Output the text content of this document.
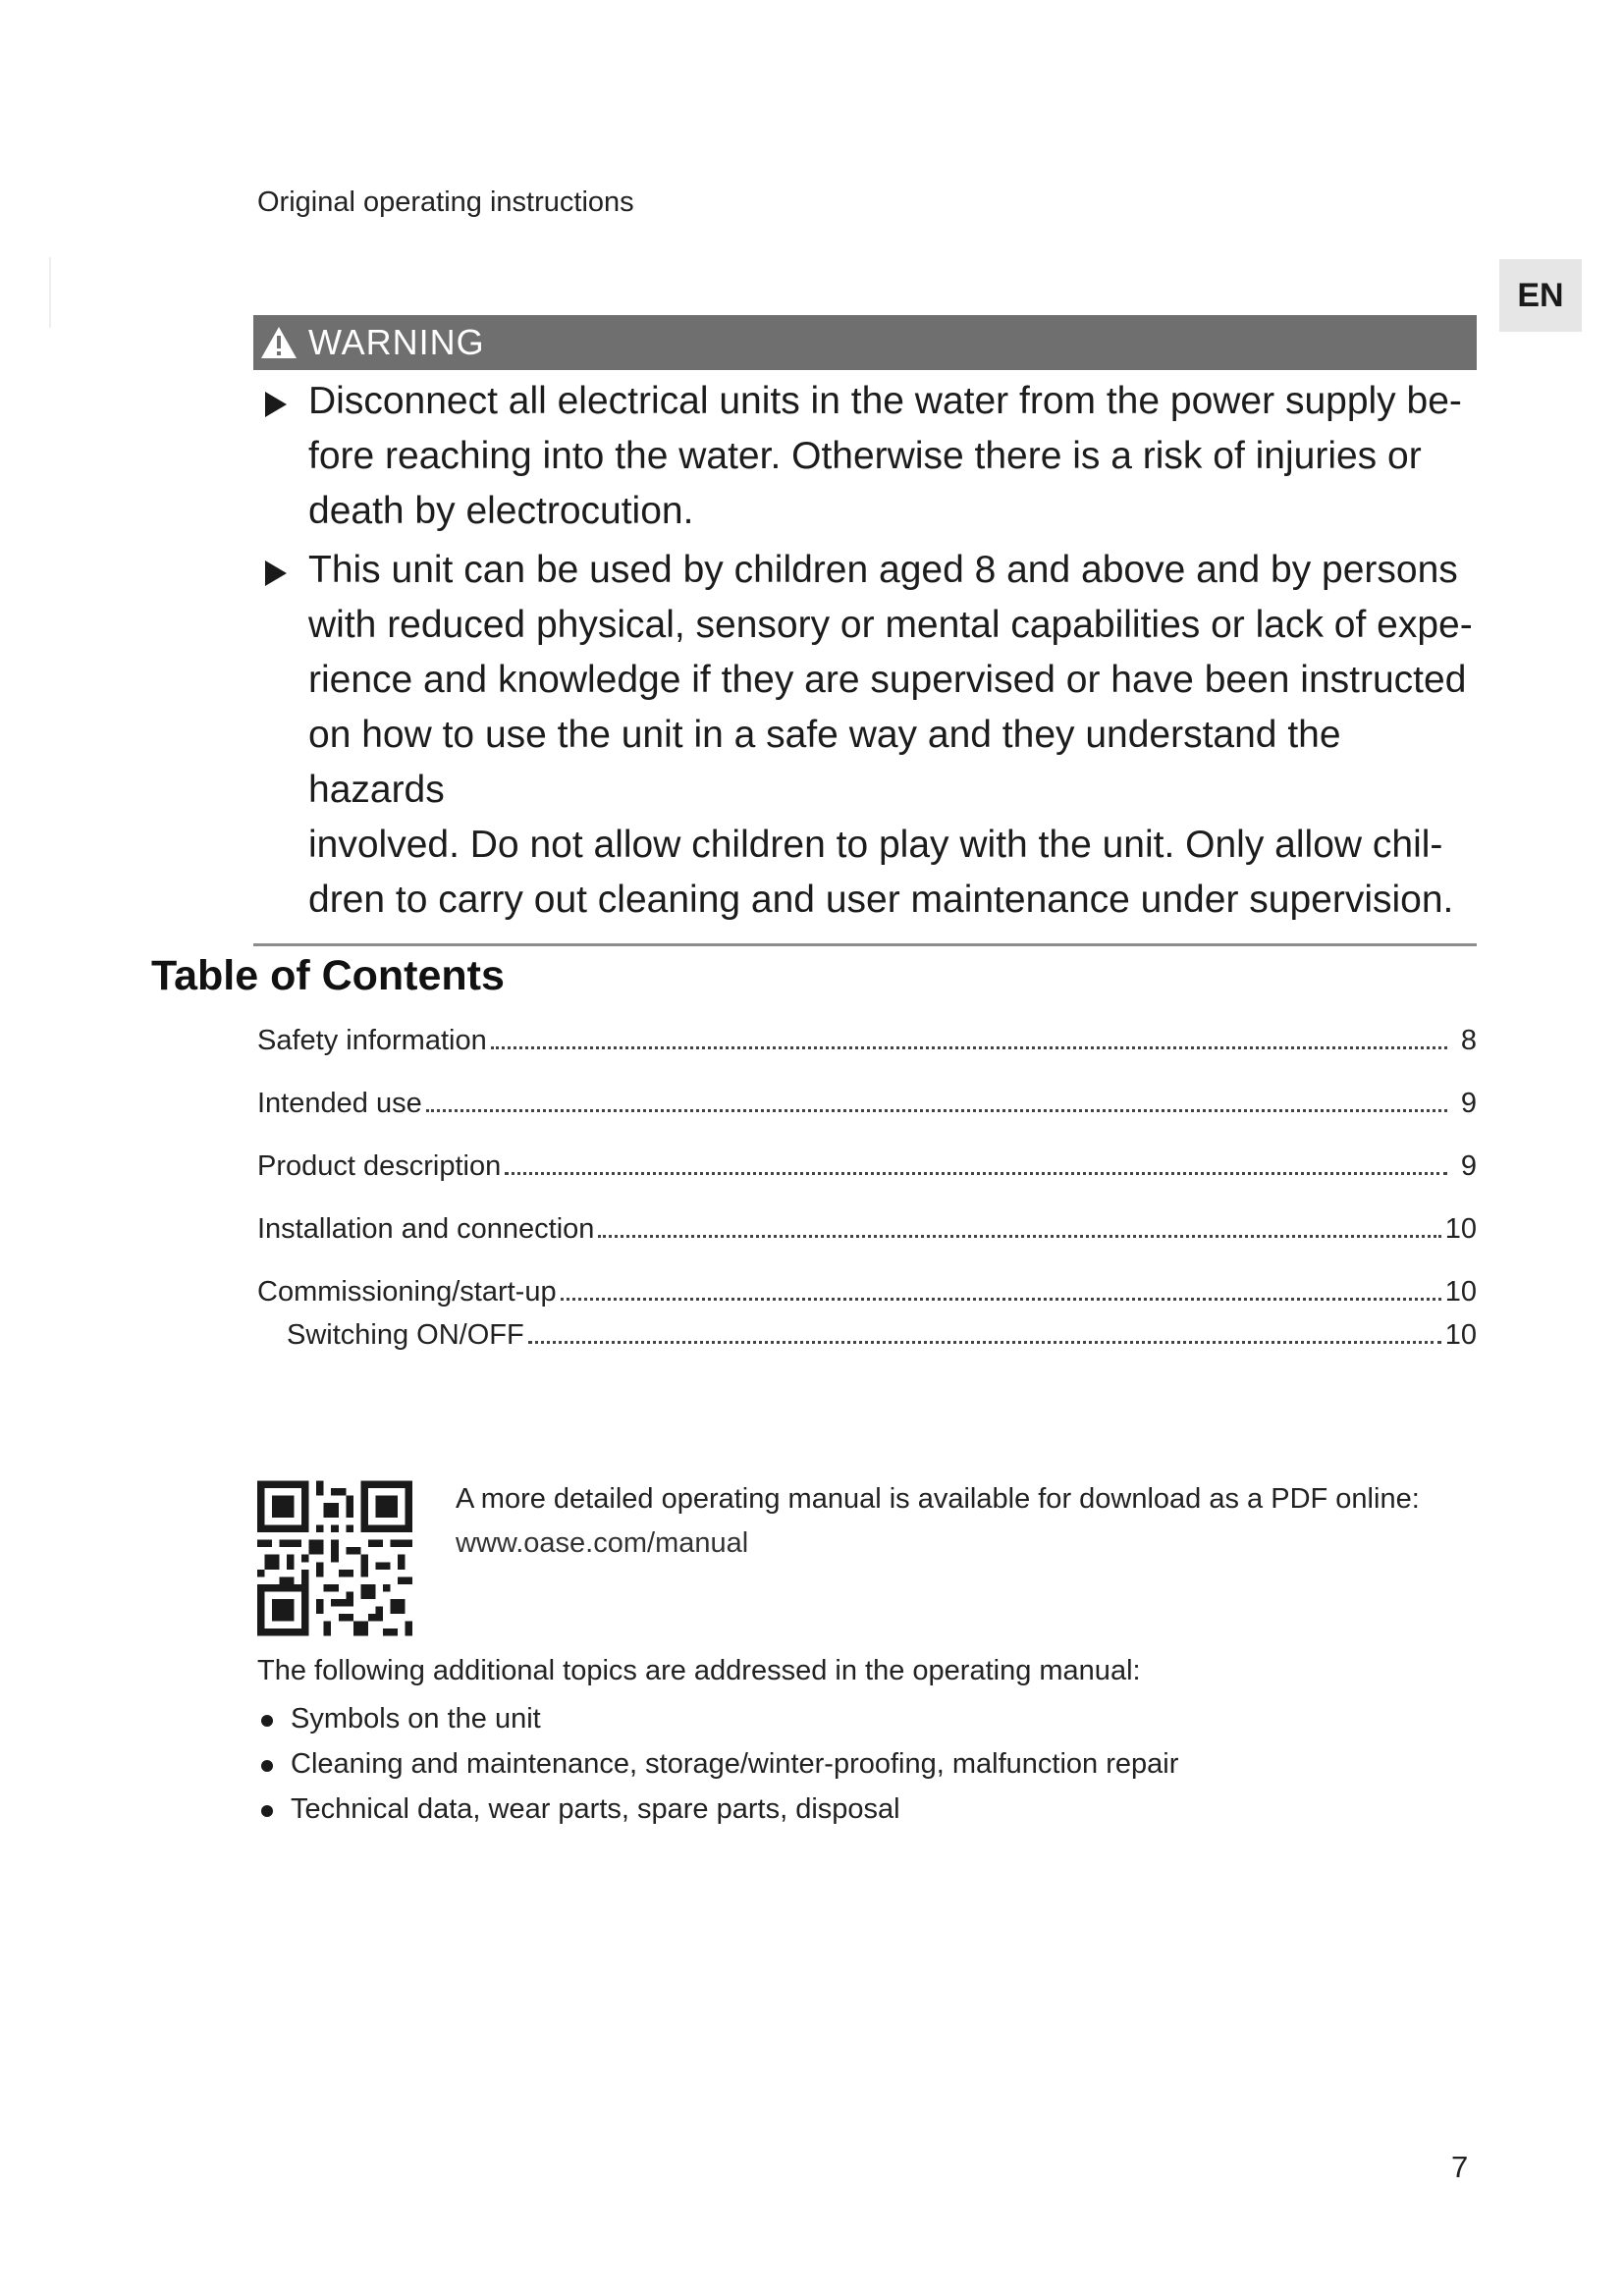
Original operating instructions
EN
WARNING
Disconnect all electrical units in the water from the power supply be-
fore reaching into the water. Otherwise there is a risk of injuries or
death by electrocution.
This unit can be used by children aged 8 and above and by persons
with reduced physical, sensory or mental capabilities or lack of expe-
rience and knowledge if they are supervised or have been instructed
on how to use the unit in a safe way and they understand the hazards
involved. Do not allow children to play with the unit. Only allow chil-
dren to carry out cleaning and user maintenance under supervision.
Table of Contents
Safety information	8
Intended use	9
Product description	9
Installation and connection	10
Commissioning/start-up	10
Switching ON/OFF	10
A more detailed operating manual is available for download as a PDF online:
www.oase.com/manual
The following additional topics are addressed in the operating manual:
Symbols on the unit
Cleaning and maintenance, storage/winter-proofing, malfunction repair
Technical data, wear parts, spare parts, disposal
7
